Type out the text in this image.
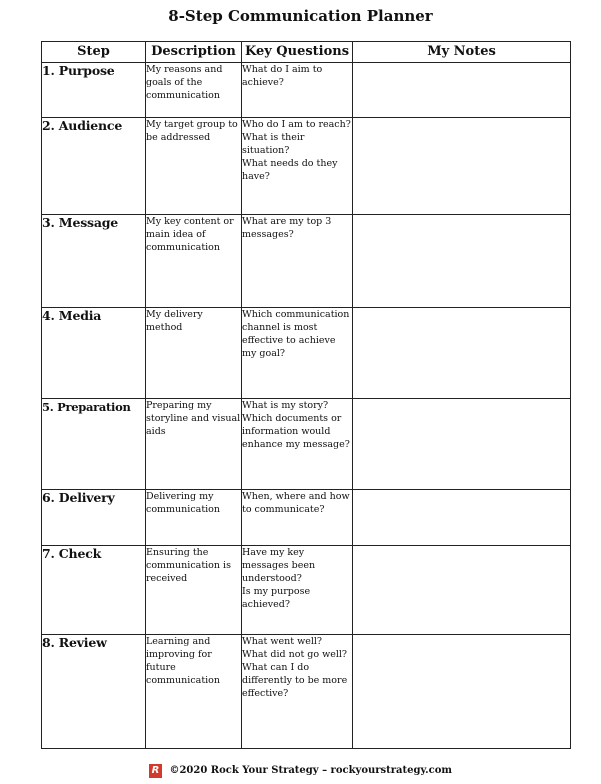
8-Step Communication Planner
Step	Description	Key Questions	My Notes
1. Purpose	My reasons and goals of the communication	What do I aim to achieve?	

2. Audience	My target group to be addressed	Who do I am to reach?
What is their situation?
What needs do they have?	

3. Message	My key content or main idea of communication	What are my top 3 messages?	

4. Media	My delivery method	Which communication channel is most effective to achieve my goal?	

5. Preparation	Preparing my storyline and visual aids	What is my story?
Which documents or information would enhance my message?	

6. Delivery	Delivering my communication	When, where and how to communicate?	

7. Check	Ensuring the communication is received	Have my key messages been understood?
Is my purpose achieved?	

8. Review	Learning and improving for future communication	What went well?
What did not go well?
What can I do differently to be more effective?	

R ©2020 Rock Your Strategy – rockyourstrategy.com
